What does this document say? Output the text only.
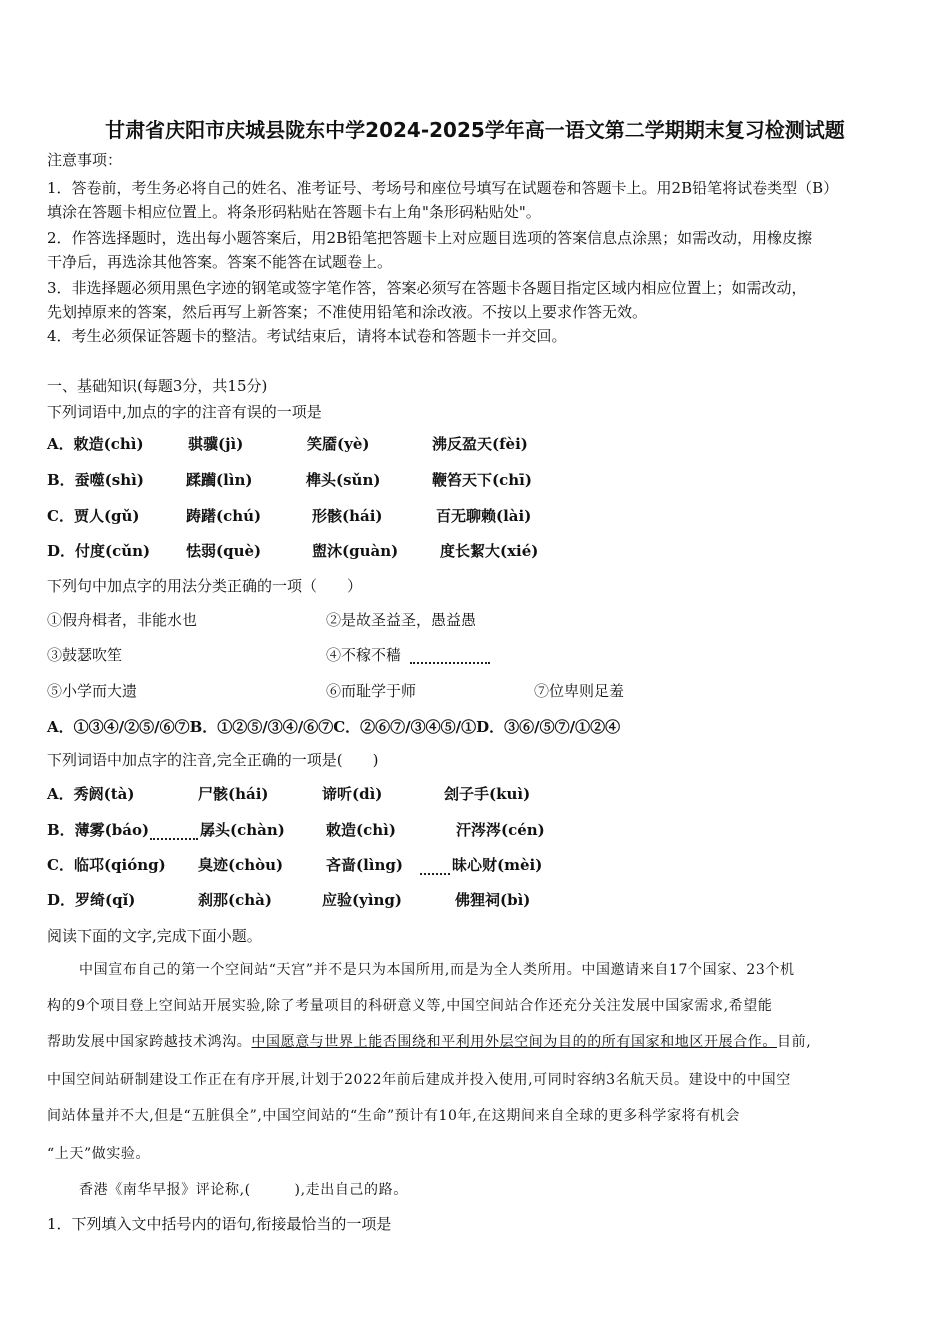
甘肃省庆阳市庆城县陇东中学2024-2025学年高一语文第二学期期末复习检测试题
注意事项：
1．答卷前，考生务必将自己的姓名、准考证号、考场号和座位号填写在试题卷和答题卡上。用2B铅笔将试卷类型（B）
填涂在答题卡相应位置上。将条形码粘贴在答题卡右上角"条形码粘贴处"。
2．作答选择题时，选出每小题答案后，用2B铅笔把答题卡上对应题目选项的答案信息点涂黑；如需改动，用橡皮擦
干净后，再选涂其他答案。答案不能答在试题卷上。
3．非选择题必须用黑色字迹的钢笔或签字笔作答，答案必须写在答题卡各题目指定区域内相应位置上；如需改动，
先划掉原来的答案，然后再写上新答案；不准使用铅笔和涂改液。不按以上要求作答无效。
4．考生必须保证答题卡的整洁。考试结束后，请将本试卷和答题卡一并交回。
一、基础知识(每题3分，共15分)
下列词语中,加点的字的注音有误的一项是
A．敕造(chì)	骐骥(jì)	笑靥(yè)	沸反盈天(fèi)
B．蚕噬(shì)	蹂躏(lìn)	榫头(sǔn)	鞭笞天下(chī)
C．贾人(gǔ)	踌躇(chú)	形骸(hái)	百无聊赖(lài)
D．付度(cǔn) 怯弱(què)	盥沐(guàn)	度长絜大(xié)
下列句中加点字的用法分类正确的一项（　　）
①假舟楫者，非能水也	②是故圣益圣，愚益愚
③鼓瑟吹笙	④不稼不穑
⑤小学而大遗	⑥而耻学于师	⑦位卑则足羞
A．①③④/②⑤/⑥⑦B．①②⑤/③④/⑥⑦C．②⑥⑦/③④⑤/①D．③⑥/⑤⑦/①②④
下列词语中加点字的注音,完全正确的一项是(　　)
A．秀阏(tà)	尸骸(hái)	谛听(dì)	刽子手(kuì)
B．薄雾(báo)	孱头(chàn)	敕造(chì)	汗涔涔(cén)
C．临邛(qióng) 臭迹(chòu)	吝啬(lìng)	昧心财(mèi)
D．罗绮(qǐ)	刹那(chà)	应验(yìng)	佛狸祠(bì)
阅读下面的文字,完成下面小题。
中国宣布自己的第一个空间站“天宫”并不是只为本国所用,而是为全人类所用。中国邀请来自17个国家、23个机
构的9个项目登上空间站开展实验,除了考量项目的科研意义等,中国空间站合作还充分关注发展中国家需求,希望能
帮助发展中国家跨越技术鸿沟。中国愿意与世界上能否围绕和平利用外层空间为目的的所有国家和地区开展合作。目前,
中国空间站研制建设工作正在有序开展,计划于2022年前后建成并投入使用,可同时容纳3名航天员。建设中的中国空
间站体量并不大,但是“五脏俱全”,中国空间站的“生命”预计有10年,在这期间来自全球的更多科学家将有机会
“上天”做实验。
香港《南华早报》评论称,(　　　),走出自己的路。
1．下列填入文中括号内的语句,衔接最恰当的一项是
